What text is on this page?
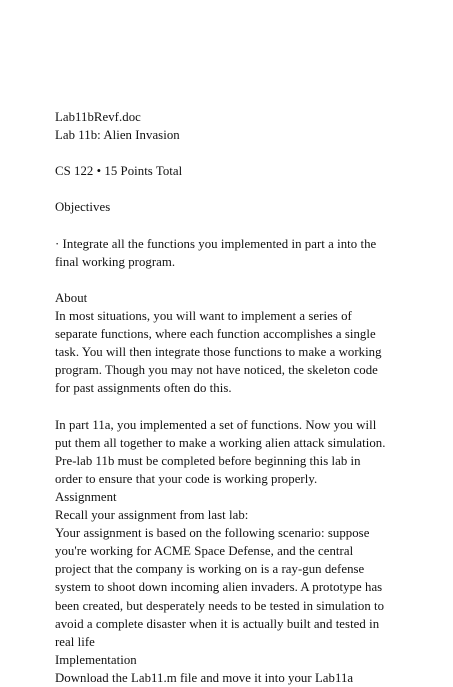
Lab11bRevf.doc
Lab 11b: Alien Invasion
CS 122 • 15 Points Total
Objectives
· Integrate all the functions you implemented in part a into the
final working program.
About
In most situations, you will want to implement a series of
separate functions, where each function accomplishes a single
task. You will then integrate those functions to make a working
program. Though you may not have noticed, the skeleton code
for past assignments often do this.
In part 11a, you implemented a set of functions. Now you will
put them all together to make a working alien attack simulation.
Pre-lab 11b must be completed before beginning this lab in
order to ensure that your code is working properly.
Assignment
Recall your assignment from last lab:
Your assignment is based on the following scenario: suppose
you're working for ACME Space Defense, and the central
project that the company is working on is a ray-gun defense
system to shoot down incoming alien invaders. A prototype has
been created, but desperately needs to be tested in simulation to
avoid a complete disaster when it is actually built and tested in
real life
Implementation
Download the Lab11.m file and move it into your Lab11a
